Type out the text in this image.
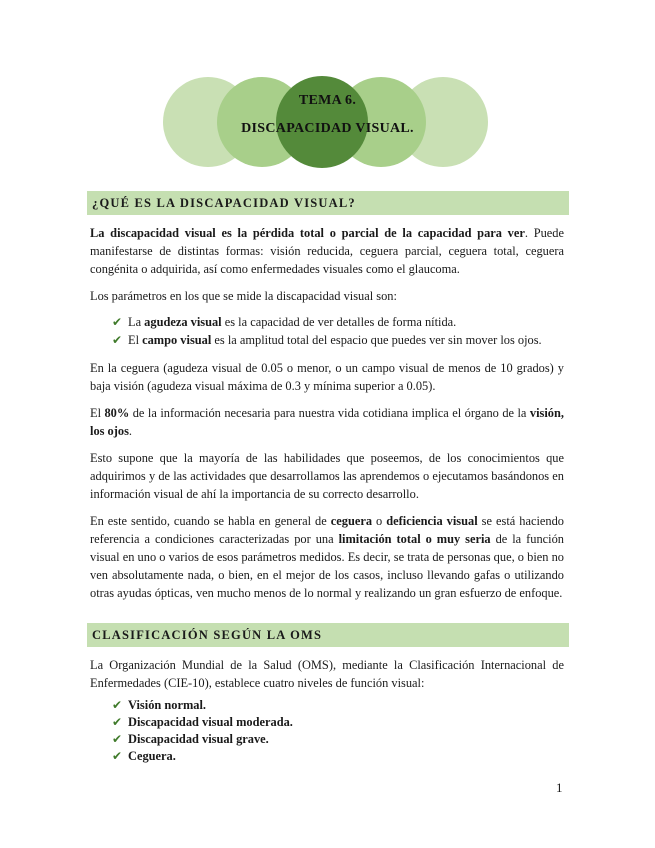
TEMA 6.
DISCAPACIDAD VISUAL.
¿QUÉ ES LA DISCAPACIDAD VISUAL?
La discapacidad visual es la pérdida total o parcial de la capacidad para ver. Puede manifestarse de distintas formas: visión reducida, ceguera parcial, ceguera total, ceguera congénita o adquirida, así como enfermedades visuales como el glaucoma.
Los parámetros en los que se mide la discapacidad visual son:
✔ La agudeza visual es la capacidad de ver detalles de forma nítida.
✔ El campo visual es la amplitud total del espacio que puedes ver sin mover los ojos.
En la ceguera (agudeza visual de 0.05 o menor, o un campo visual de menos de 10 grados) y baja visión (agudeza visual máxima de 0.3 y mínima superior a 0.05).
El 80% de la información necesaria para nuestra vida cotidiana implica el órgano de la visión, los ojos.
Esto supone que la mayoría de las habilidades que poseemos, de los conocimientos que adquirimos y de las actividades que desarrollamos las aprendemos o ejecutamos basándonos en información visual de ahí la importancia de su correcto desarrollo.
En este sentido, cuando se habla en general de ceguera o deficiencia visual se está haciendo referencia a condiciones caracterizadas por una limitación total o muy seria de la función visual en uno o varios de esos parámetros medidos. Es decir, se trata de personas que, o bien no ven absolutamente nada, o bien, en el mejor de los casos, incluso llevando gafas o utilizando otras ayudas ópticas, ven mucho menos de lo normal y realizando un gran esfuerzo de enfoque.
CLASIFICACIÓN SEGÚN LA OMS
La Organización Mundial de la Salud (OMS), mediante la Clasificación Internacional de Enfermedades (CIE-10), establece cuatro niveles de función visual:
✔ Visión normal.
✔ Discapacidad visual moderada.
✔ Discapacidad visual grave.
✔ Ceguera.
1
